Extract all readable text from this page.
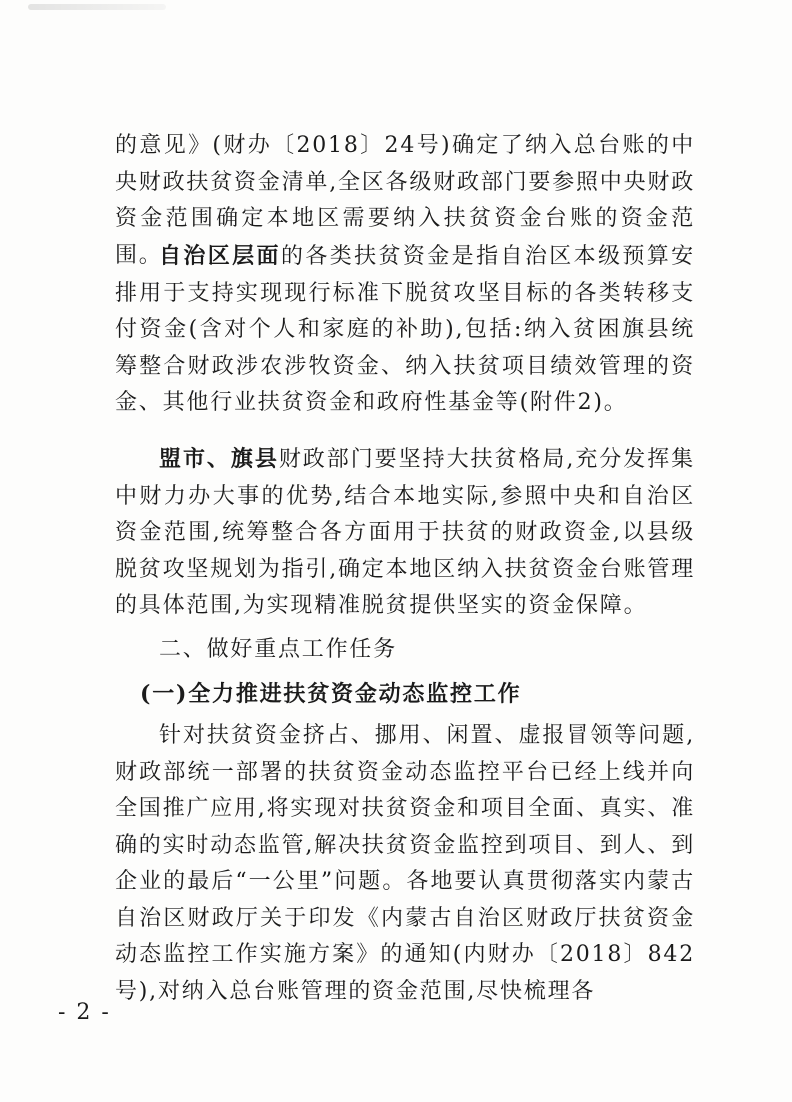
的意见》(财办〔2018〕24号)确定了纳入总台账的中央财政扶贫资金清单,全区各级财政部门要参照中央财政资金范围确定本地区需要纳入扶贫资金台账的资金范围。

自治区层面的各类扶贫资金是指自治区本级预算安排用于支持实现现行标准下脱贫攻坚目标的各类转移支付资金(含对个人和家庭的补助),包括:纳入贫困旗县统筹整合财政涉农涉牧资金、纳入扶贫项目绩效管理的资金、其他行业扶贫资金和政府性基金等(附件2)。

盟市、旗县财政部门要坚持大扶贫格局,充分发挥集中财力办大事的优势,结合本地实际,参照中央和自治区资金范围,统筹整合各方面用于扶贫的财政资金,以县级脱贫攻坚规划为指引,确定本地区纳入扶贫资金台账管理的具体范围,为实现精准脱贫提供坚实的资金保障。

二、做好重点工作任务

(一)全力推进扶贫资金动态监控工作

针对扶贫资金挤占、挪用、闲置、虚报冒领等问题,财政部统一部署的扶贫资金动态监控平台已经上线并向全国推广应用,将实现对扶贫资金和项目全面、真实、准确的实时动态监管,解决扶贫资金监控到项目、到人、到企业的最后“一公里”问题。各地要认真贯彻落实内蒙古自治区财政厅关于印发《内蒙古自治区财政厅扶贫资金动态监控工作实施方案》的通知(内财办〔2018〕842号),对纳入总台账管理的资金范围,尽快梳理各

- 2 -
